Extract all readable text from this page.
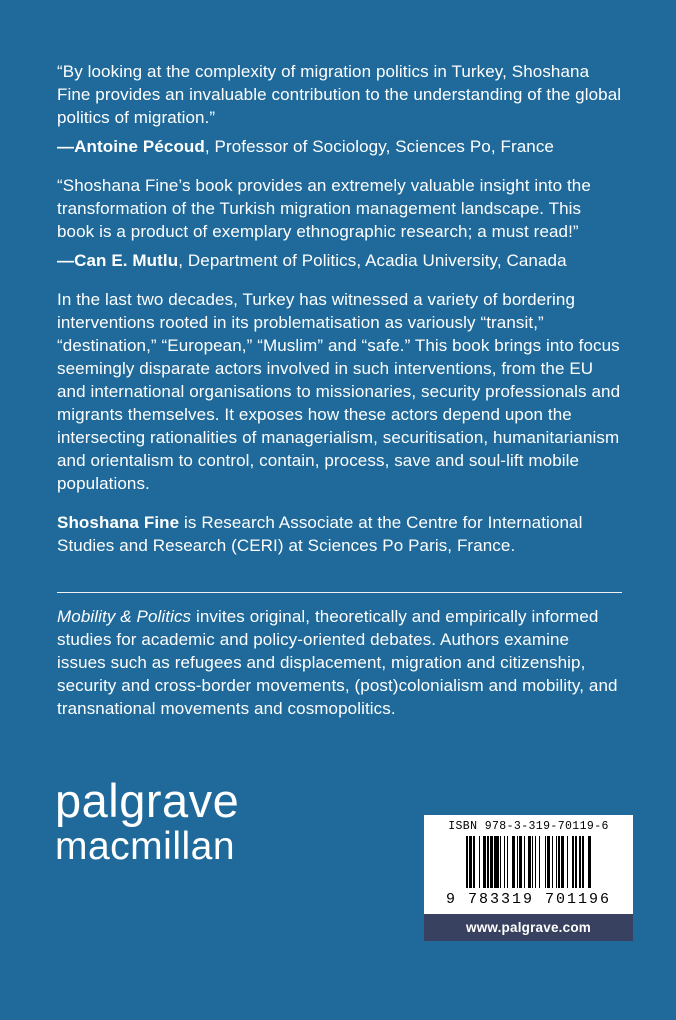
“By looking at the complexity of migration politics in Turkey, Shoshana Fine provides an invaluable contribution to the understanding of the global politics of migration.”

—Antoine Pécoud, Professor of Sociology, Sciences Po, France

“Shoshana Fine’s book provides an extremely valuable insight into the transformation of the Turkish migration management landscape. This book is a product of exemplary ethnographic research; a must read!”

—Can E. Mutlu, Department of Politics, Acadia University, Canada

In the last two decades, Turkey has witnessed a variety of bordering interventions rooted in its problematisation as variously “transit,” “destination,” “European,” “Muslim” and “safe.” This book brings into focus seemingly disparate actors involved in such interventions, from the EU and international organisations to missionaries, security professionals and migrants themselves. It exposes how these actors depend upon the intersecting rationalities of managerialism, securitisation, humanitarianism and orientalism to control, contain, process, save and soul-lift mobile populations.

Shoshana Fine is Research Associate at the Centre for International Studies and Research (CERI) at Sciences Po Paris, France.

Mobility & Politics invites original, theoretically and empirically informed studies for academic and policy-oriented debates. Authors examine issues such as refugees and displacement, migration and citizenship, security and cross-border movements, (post)colonialism and mobility, and transnational movements and cosmopolitics.

palgrave
macmillan	ISBN 978-3-319-70119-6

9 783319 701196

www.palgrave.com
